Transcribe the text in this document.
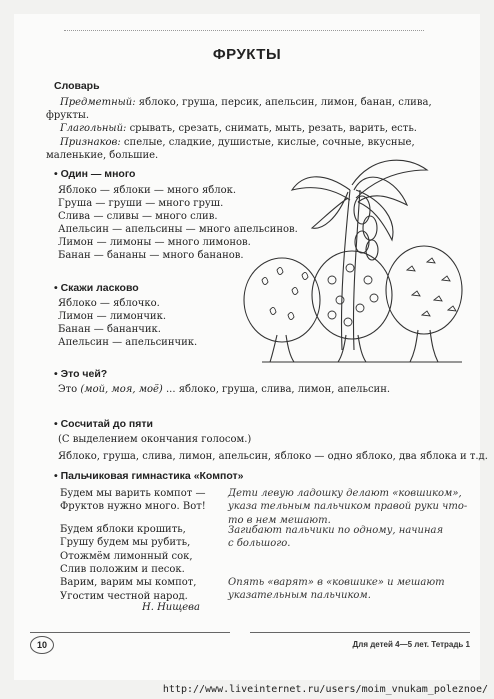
ФРУКТЫ
Словарь

Предметный: яблоко, груша, персик, апельсин, лимон, банан, слива, фрукты.

Глагольный: срывать, срезать, снимать, мыть, резать, варить, есть.

Признаков: спелые, сладкие, душистые, кислые, сочные, вкусные, маленькие, большие.

• Один — много
Яблоко — яблоки — много яблок.
Груша — груши — много груш.
Слива — сливы — много слив.
Апельсин — апельсины — много апельсинов.
Лимон — лимоны — много лимонов.
Банан — бананы — много бананов.
• Скажи ласково
Яблоко — яблочко.
Лимон — лимончик.
Банан — бананчик.
Апельсин — апельсинчик.
• Это чей?
Это (мой, моя, моё) ... яблоко, груша, слива, лимон, апельсин.
• Сосчитай до пяти
(С выделением окончания голосом.)
Яблоко, груша, слива, лимон, апельсин, яблоко — одно яблоко, два яблока и т.д.
• Пальчиковая гимнастика «Компот»
Будем мы варить компот —
Фруктов нужно много. Вот!
Будем яблоки крошить,
Грушу будем мы рубить,
Отожмём лимонный сок,
Слив положим и песок.
Варим, варим мы компот,
Угостим честной народ.
Н. Нищева
Дети левую ладошку делают «ковшиком»,
указа тельным пальчиком правой руки что-
то в нем мешают.
Загибают пальчики по одному, начиная
с большого.
Опять «варят» в «ковшике» и мешают
указательным пальчиком.
10	Для детей 4—5 лет. Тетрадь 1
http://www.liveinternet.ru/users/moim_vnukam_poleznoe/
